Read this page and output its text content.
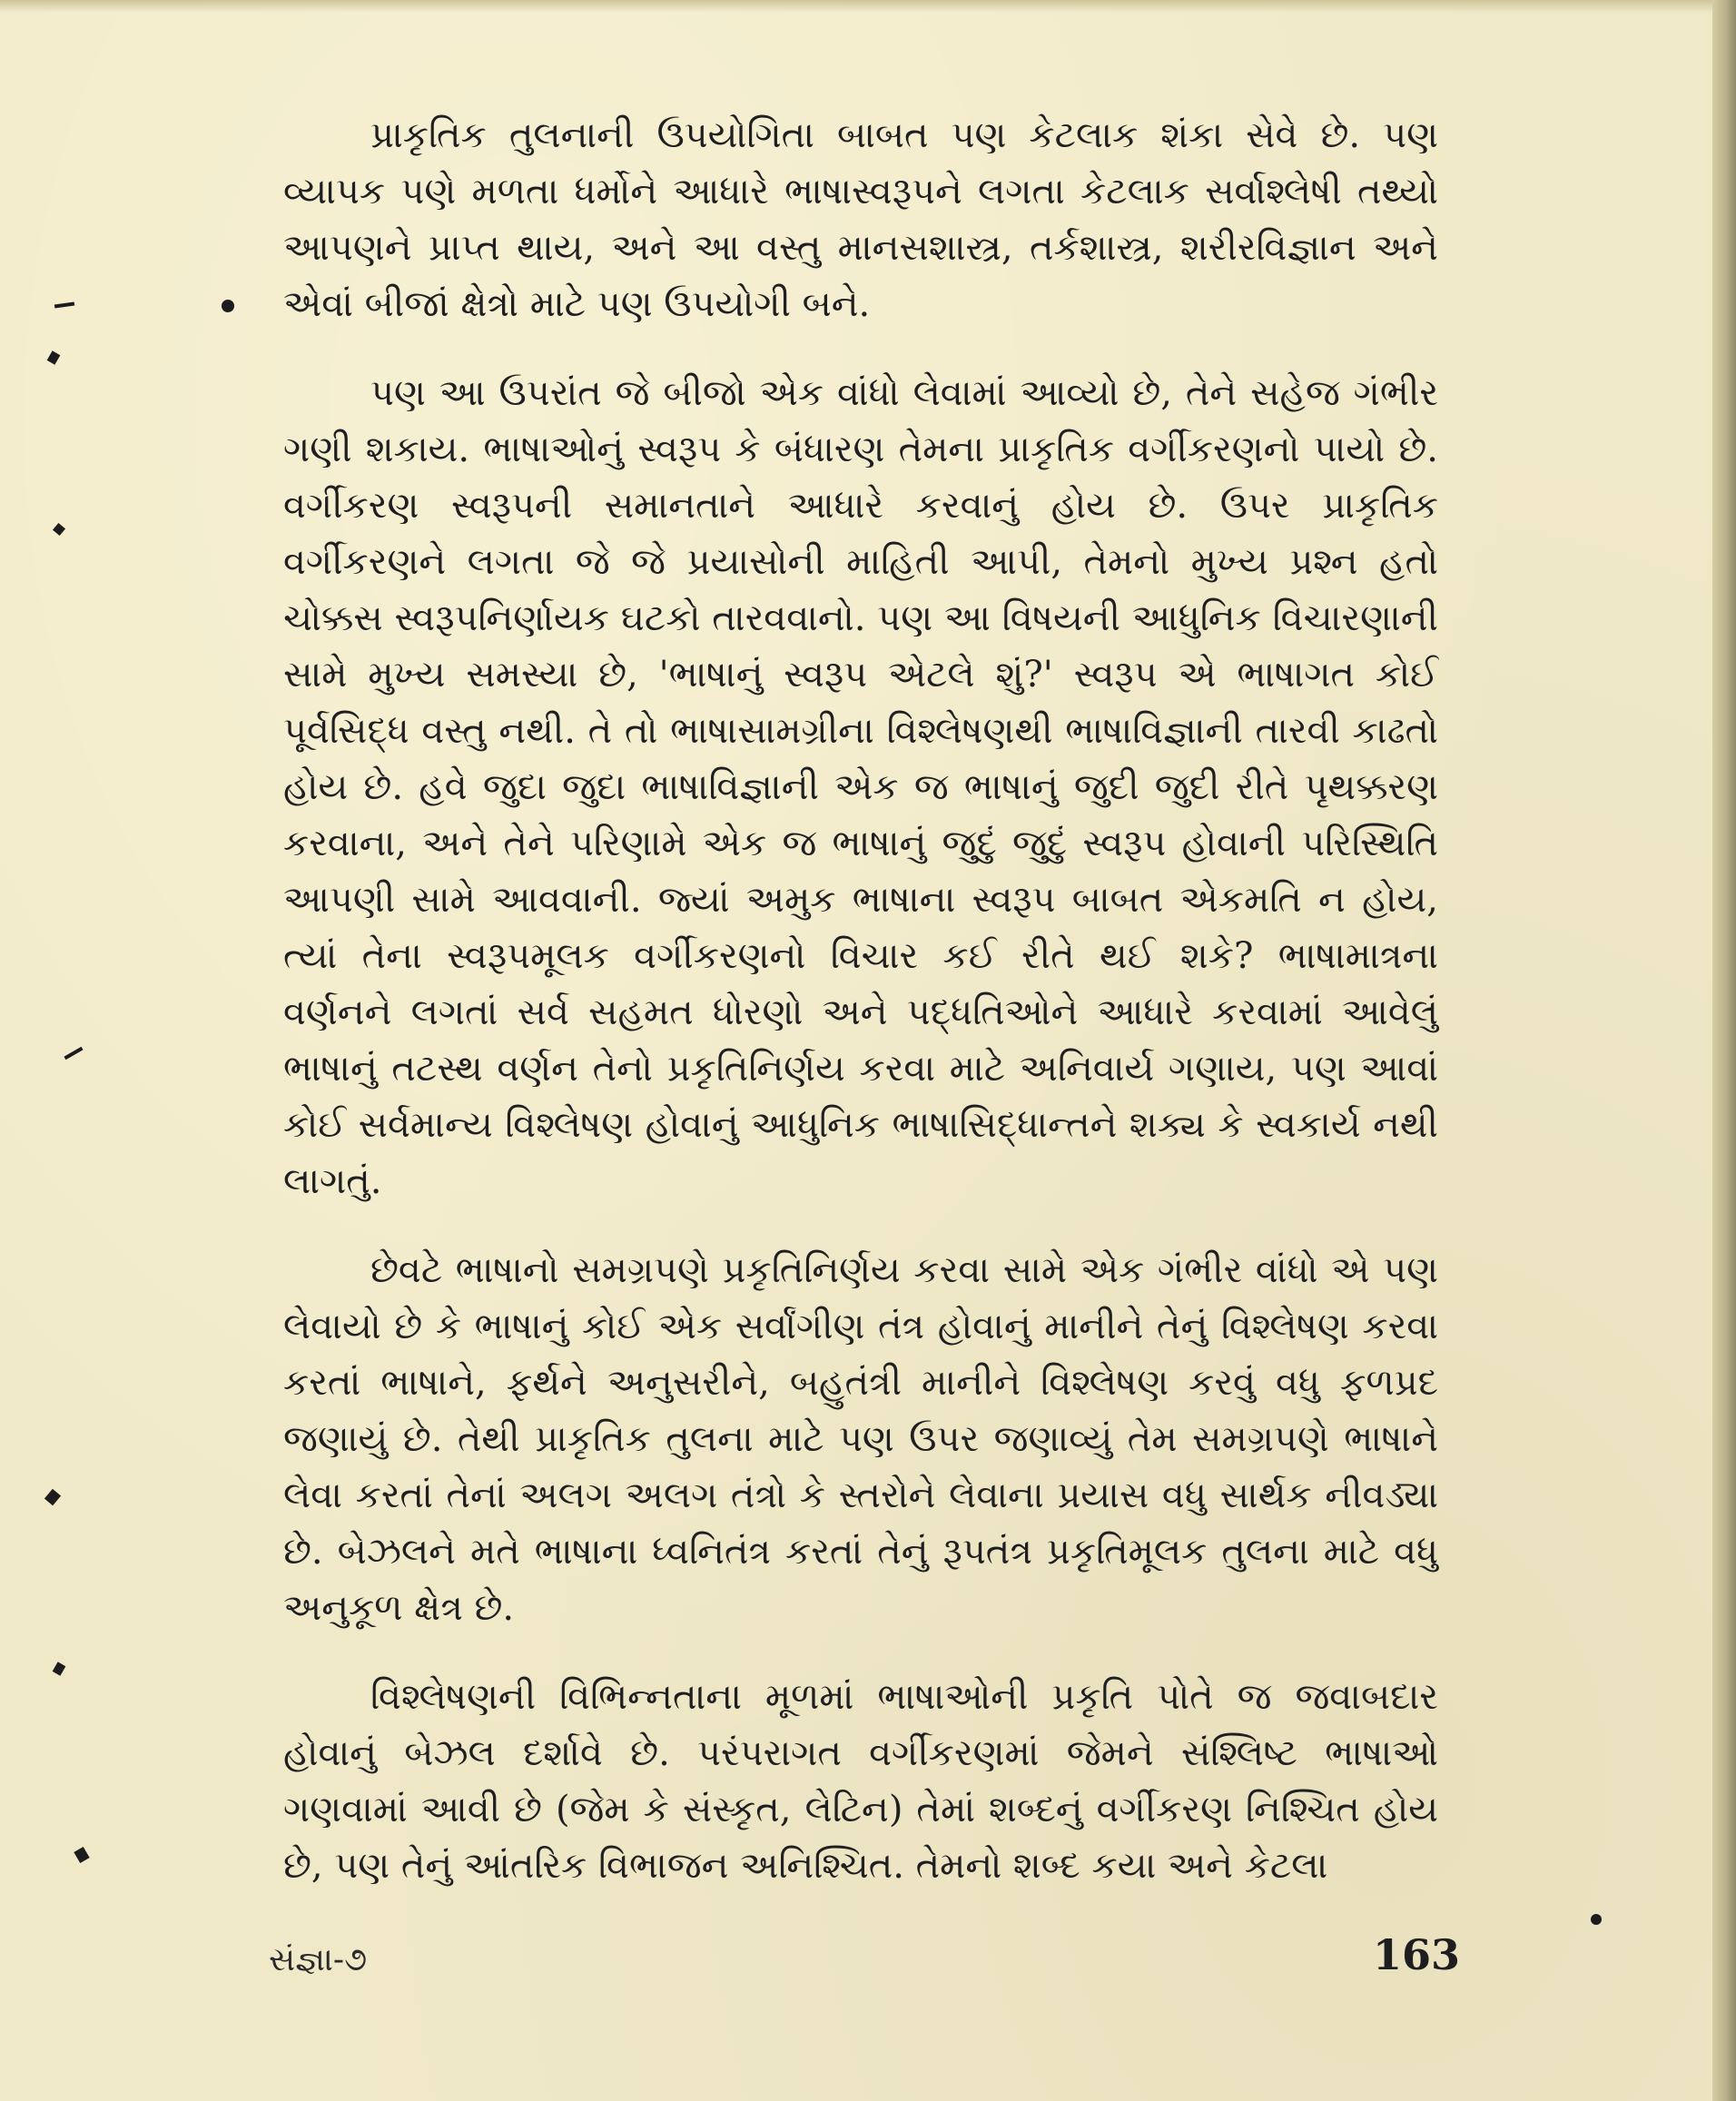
પ્રાકૃતિક તુલનાની ઉપયોગિતા બાબત પણ કેટલાક શંકા સેવે છે. પણ વ્યાપક પણે મળતા ધર્મોને આધારે ભાષાસ્વરૂપને લગતા કેટલાક સર્વાશ્લેષી તથ્યો આપણને પ્રાપ્ત થાય, અને આ વસ્તુ માનસશાસ્ત્ર, તર્કશાસ્ત્ર, શરીરવિજ્ઞાન અને એવાં બીજાં ક્ષેત્રો માટે પણ ઉપયોગી બને.

પણ આ ઉપરાંત જે બીજો એક વાંધો લેવામાં આવ્યો છે, તેને સહેજ ગંભીર ગણી શકાય. ભાષાઓનું સ્વરૂપ કે બંધારણ તેમના પ્રાકૃતિક વર્ગીકરણનો પાયો છે. વર્ગીકરણ સ્વરૂપની સમાનતાને આધારે કરવાનું હોય છે. ઉપર પ્રાકૃતિક વર્ગીકરણને લગતા જે જે પ્રયાસોની માહિતી આપી, તેમનો મુખ્ય પ્રશ્ન હતો ચોક્કસ સ્વરૂપનિર્ણાયક ઘટકો તારવવાનો. પણ આ વિષયની આધુનિક વિચારણાની સામે મુખ્ય સમસ્યા છે, 'ભાષાનું સ્વરૂપ એટલે શું?' સ્વરૂપ એ ભાષાગત કોઈ પૂર્વસિદ્ધ વસ્તુ નથી. તે તો ભાષાસામગ્રીના વિશ્લેષણથી ભાષાવિજ્ઞાની તારવી કાઢતો હોય છે. હવે જુદા જુદા ભાષાવિજ્ઞાની એક જ ભાષાનું જુદી જુદી રીતે પૃથક્કરણ કરવાના, અને તેને પરિણામે એક જ ભાષાનું જુદું જુદું સ્વરૂપ હોવાની પરિસ્થિતિ આપણી સામે આવવાની. જ્યાં અમુક ભાષાના સ્વરૂપ બાબત એકમતિ ન હોય, ત્યાં તેના સ્વરૂપમૂલક વર્ગીકરણનો વિચાર કઈ રીતે થઈ શકે? ભાષામાત્રના વર્ણનને લગતાં સર્વ સહમત ધોરણો અને પદ્ધતિઓને આધારે કરવામાં આવેલું ભાષાનું તટસ્થ વર્ણન તેનો પ્રકૃતિનિર્ણય કરવા માટે અનિવાર્ય ગણાય, પણ આવાં કોઈ સર્વમાન્ય વિશ્લેષણ હોવાનું આધુનિક ભાષાસિદ્ધાન્તને શક્ય કે સ્વકાર્ય નથી લાગતું.

છેવટે ભાષાનો સમગ્રપણે પ્રકૃતિનિર્ણય કરવા સામે એક ગંભીર વાંધો એ પણ લેવાયો છે કે ભાષાનું કોઈ એક સર્વાંગીણ તંત્ર હોવાનું માનીને તેનું વિશ્લેષણ કરવા કરતાં ભાષાને, ફર્થને અનુસરીને, બહુતંત્રી માનીને વિશ્લેષણ કરવું વધુ ફળપ્રદ જણાયું છે. તેથી પ્રાકૃતિક તુલના માટે પણ ઉપર જણાવ્યું તેમ સમગ્રપણે ભાષાને લેવા કરતાં તેનાં અલગ અલગ તંત્રો કે સ્તરોને લેવાના પ્રયાસ વધુ સાર્થક નીવડ્યા છે. બેઝલને મતે ભાષાના ધ્વનિતંત્ર કરતાં તેનું રૂપતંત્ર પ્રકૃતિમૂલક તુલના માટે વધુ અનુકૂળ ક્ષેત્ર છે.

વિશ્લેષણની વિભિન્નતાના મૂળમાં ભાષાઓની પ્રકૃતિ પોતે જ જવાબદાર હોવાનું બેઝલ દર્શાવે છે. પરંપરાગત વર્ગીકરણમાં જેમને સંશ્લિષ્ટ ભાષાઓ ગણવામાં આવી છે (જેમ કે સંસ્કૃત, લેટિન) તેમાં શબ્દનું વર્ગીકરણ નિશ્ચિત હોય છે, પણ તેનું આંતરિક વિભાજન અનિશ્ચિત. તેમનો શબ્દ કયા અને કેટલા

સંજ્ઞા-૭	163
